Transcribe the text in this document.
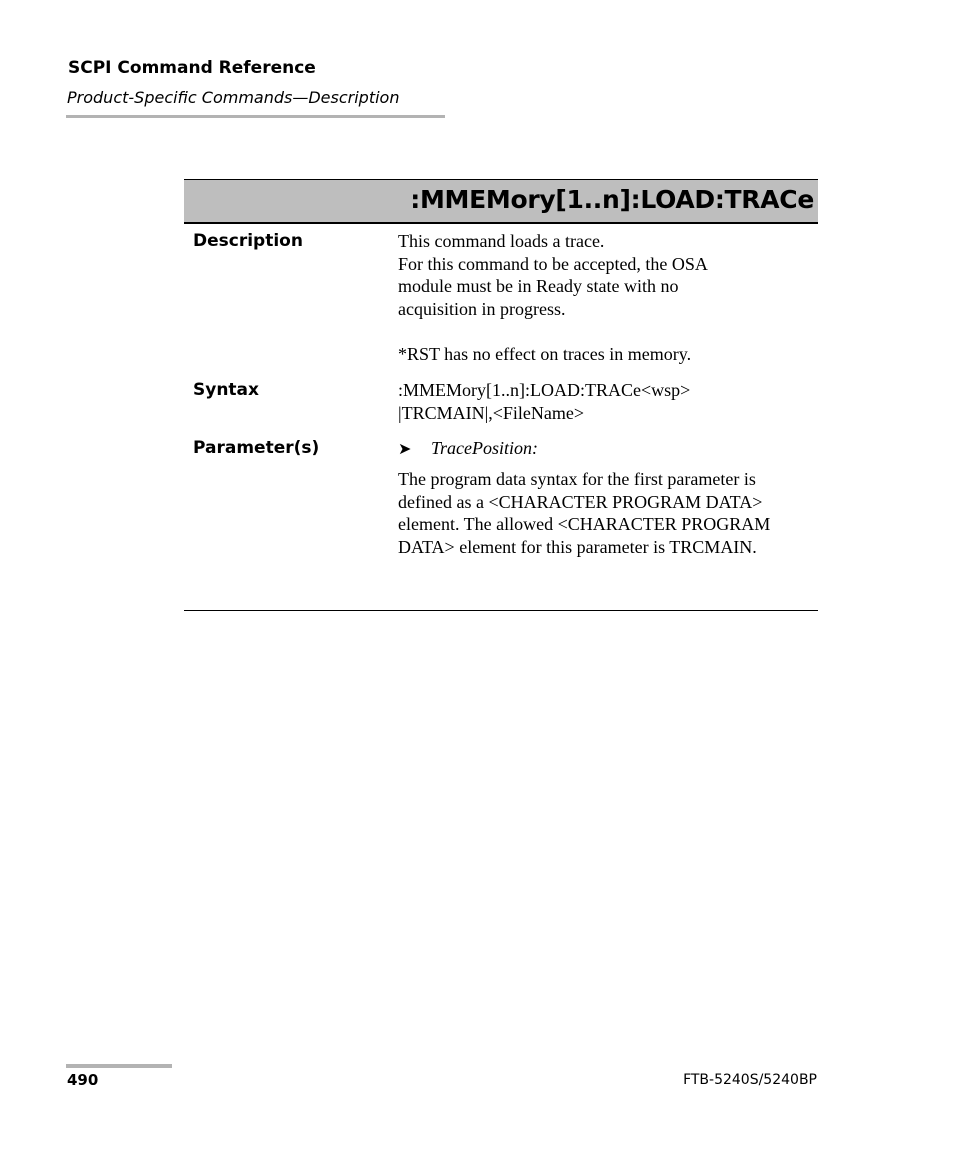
SCPI Command Reference
Product-Specific Commands—Description
:MMEMory[1..n]:LOAD:TRACe
Description	This command loads a trace.

For this command to be accepted, the OSA

module must be in Ready state with no

acquisition in progress.

*RST has no effect on traces in memory.
Syntax	:MMEMory[1..n]:LOAD:TRACe<wsp>

|TRCMAIN|,<FileName>

Parameter(s)	➤ TracePosition:

The program data syntax for the first parameter is

defined as a <CHARACTER PROGRAM DATA>

element. The allowed <CHARACTER PROGRAM

DATA> element for this parameter is TRCMAIN.

490	FTB-5240S/5240BP
